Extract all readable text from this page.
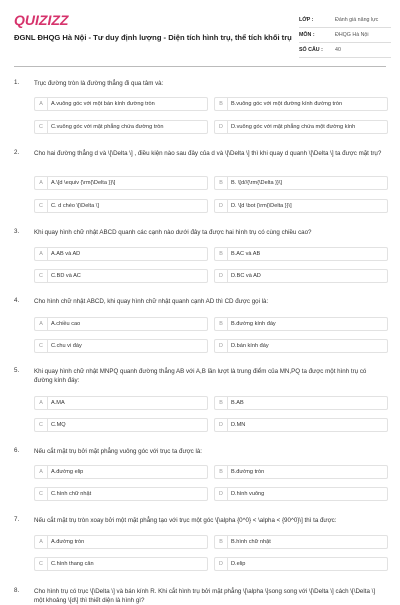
QUIZIZZ
ĐGNL ĐHQG Hà Nội - Tư duy định lượng - Diện tích hình trụ, thể tích khối trụ
LỚP :	Đánh giá năng lực
MÔN :	ĐHQG Hà Nội
SỐ CÂU :	40
1. Trục đường tròn là đường thẳng đi qua tâm và:
A	A.vuông góc với một bán kính đường tròn	B	B.vuông góc với một đường kính đường tròn
C	C.vuông góc với mặt phẳng chứa đường tròn	D	D.vuông góc với mặt phẳng chứa một đường kính
2. Cho hai đường thẳng d và \[\Delta \] , điều kiện nào sau đây của d và \[\Delta \] thì khi quay d quanh \[\Delta \] ta được mặt trụ?
A	A.\[d \equiv {\rm{\Delta }}\]	B	B. \[d//{\rm{\Delta }}\]
C	C. d chéo \[\Delta \]	D	D. \[d \bot {\rm{\Delta }}\]
3. Khi quay hình chữ nhật ABCD quanh các cạnh nào dưới đây ta được hai hình trụ có cùng chiều cao?
A	A.AB và AD	B	B.AC và AB
C	C.BD và AC	D	D.BC và AD
4. Cho hình chữ nhật ABCD, khi quay hình chữ nhật quanh cạnh AD thì CD được gọi là:
A	A.chiều cao	B	B.đường kính đáy
C	C.chu vi đáy	D	D.bán kính đáy
5. Khi quay hình chữ nhật MNPQ quanh đường thẳng AB với A,B lần lượt là trung điểm của MN,PQ ta được một hình trụ có đường kính đáy:
A	A.MA	B	B.AB
C	C.MQ	D	D.MN
6. Nếu cắt mặt trụ bởi mặt phẳng vuông góc với trục ta được là:
A	A.đường elip	B	B.đường tròn
C	C.hình chữ nhật	D	D.hình vuông
7. Nếu cắt mặt trụ tròn xoay bởi một mặt phẳng tạo với trục một góc \[\alpha {0^0} < \alpha < {90^0}\] thì ta được:
A	A.đường tròn	B	B.hình chữ nhật
C	C.hình thang cân	D	D.elip
8. Cho hình trụ có trục \[\Delta \] và bán kính R. Khi cắt hình trụ bởi mặt phẳng \[\alpha \]song song với \[\Delta \] cách \[\Delta \] một khoảng \[d\] thì thiết diện là hình gì?
